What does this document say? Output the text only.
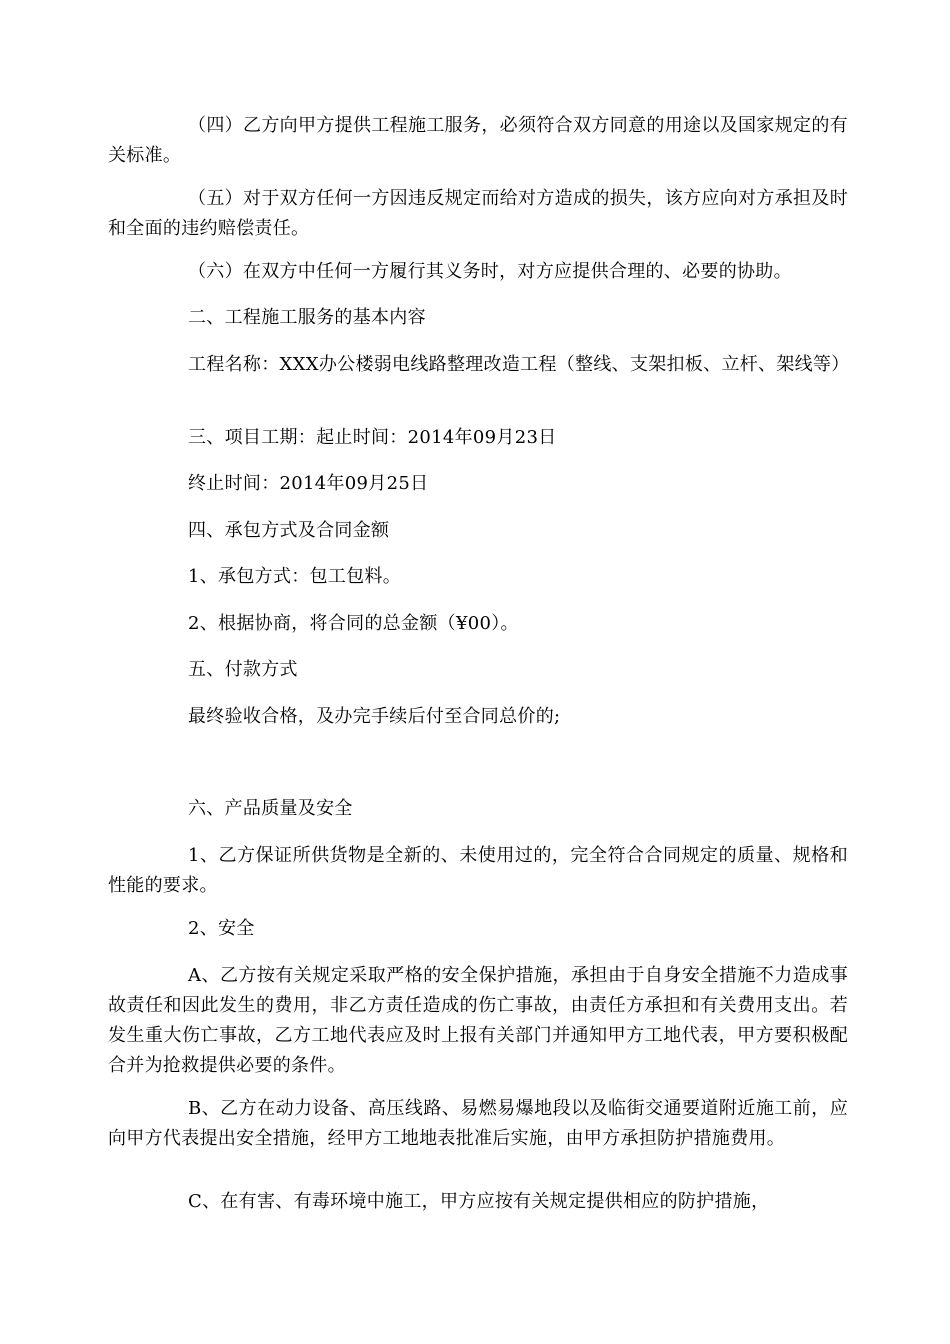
（四）乙方向甲方提供工程施工服务，必须符合双方同意的用途以及国家规定的有关标准。

（五）对于双方任何一方因违反规定而给对方造成的损失，该方应向对方承担及时和全面的违约赔偿责任。

（六）在双方中任何一方履行其义务时，对方应提供合理的、必要的协助。

二、工程施工服务的基本内容

工程名称：XXX办公楼弱电线路整理改造工程（整线、支架扣板、立杆、架线等）

三、项目工期：起止时间：2014年09月23日

终止时间：2014年09月25日

四、承包方式及合同金额

1、承包方式：包工包料。

2、根据协商，将合同的总金额（¥00）。

五、付款方式

最终验收合格，及办完手续后付至合同总价的;

六、产品质量及安全

1、乙方保证所供货物是全新的、未使用过的，完全符合合同规定的质量、规格和性能的要求。

2、安全

A、乙方按有关规定采取严格的安全保护措施，承担由于自身安全措施不力造成事故责任和因此发生的费用，非乙方责任造成的伤亡事故，由责任方承担和有关费用支出。若发生重大伤亡事故，乙方工地代表应及时上报有关部门并通知甲方工地代表，甲方要积极配合并为抢救提供必要的条件。

B、乙方在动力设备、高压线路、易燃易爆地段以及临街交通要道附近施工前，应向甲方代表提出安全措施，经甲方工地地表批准后实施，由甲方承担防护措施费用。

C、在有害、有毒环境中施工，甲方应按有关规定提供相应的防护措施，
